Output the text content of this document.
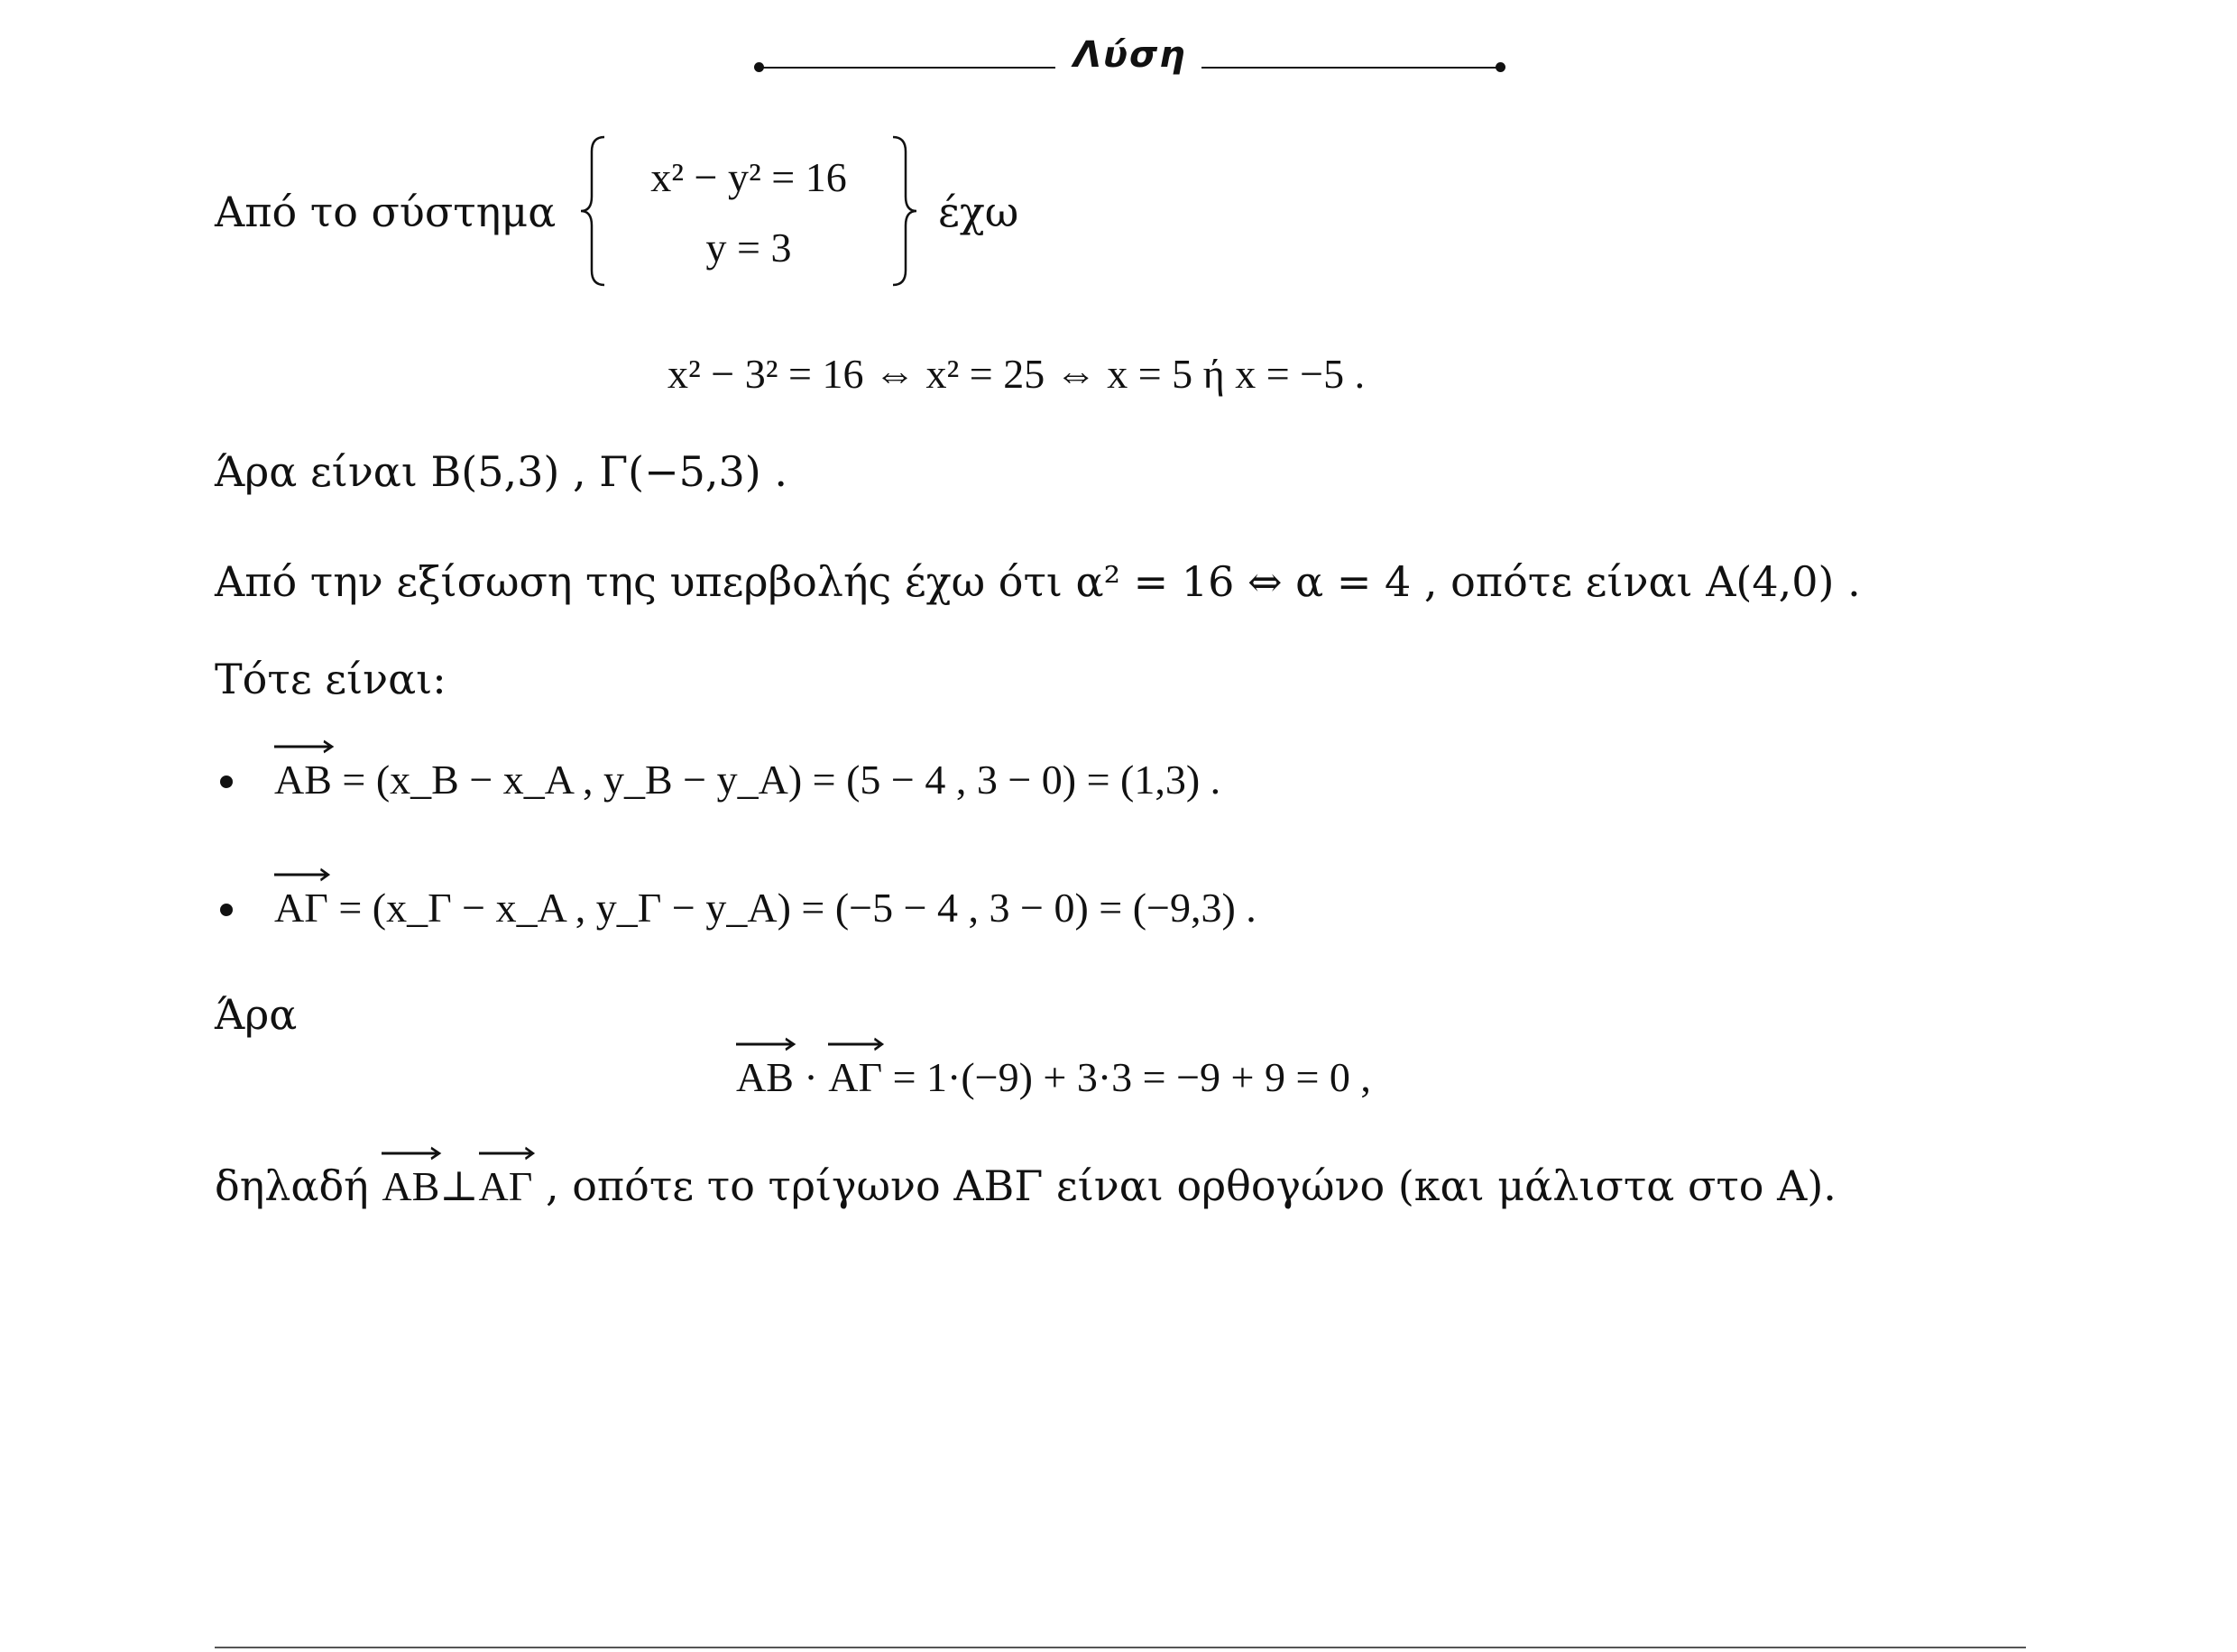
Λύση
Από το σύστημα
x² − y² = 16
y = 3
έχω
x² − 3² = 16 ⇔ x² = 25 ⇔ x = 5 ή x = −5 .
Άρα είναι B(5,3) , Γ(−5,3) .
Από την εξίσωση της υπερβολής έχω ότι α² = 16 ⇔ α = 4 , οπότε είναι A(4,0) .
Τότε είναι:
AB = (x_B − x_A , y_B − y_A) = (5 − 4 , 3 − 0) = (1,3) .
AΓ = (x_Γ − x_A , y_Γ − y_A) = (−5 − 4 , 3 − 0) = (−9,3) .
Άρα
AB · AΓ = 1·(−9) + 3·3 = −9 + 9 = 0 ,
δηλαδή AB
⊥AΓ , οπότε το τρίγωνο ΑΒΓ είναι ορθογώνο (και μάλιστα στο Α).
